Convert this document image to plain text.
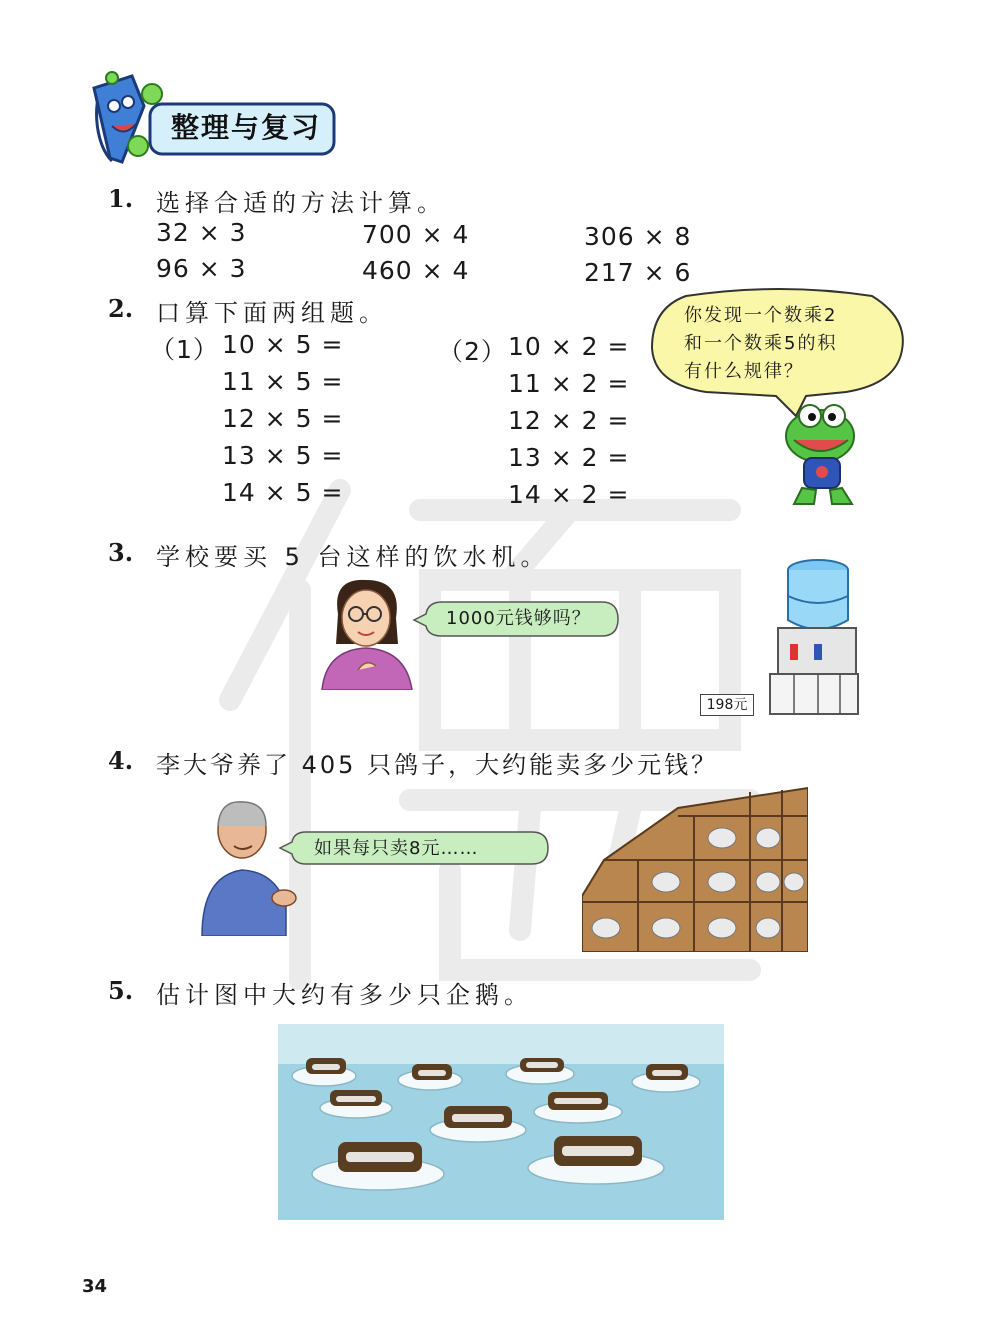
整理与复习
1. 选择合适的方法计算。
32 × 3
96 × 3
700 × 4
460 × 4
306 × 8
217 × 6
2. 口算下面两组题。
（1） 10 × 5 =
11 × 5 =
12 × 5 =
13 × 5 =
14 × 5 =
（2） 10 × 2 =
11 × 2 =
12 × 2 =
13 × 2 =
14 × 2 =
你发现一个数乘2
和一个数乘5的积
有什么规律？
3. 学校要买 5 台这样的饮水机。
1000元钱够吗？
198元
4. 李大爷养了 405 只鸽子，大约能卖多少元钱？
如果每只卖8元……
5. 估计图中大约有多少只企鹅。
34
